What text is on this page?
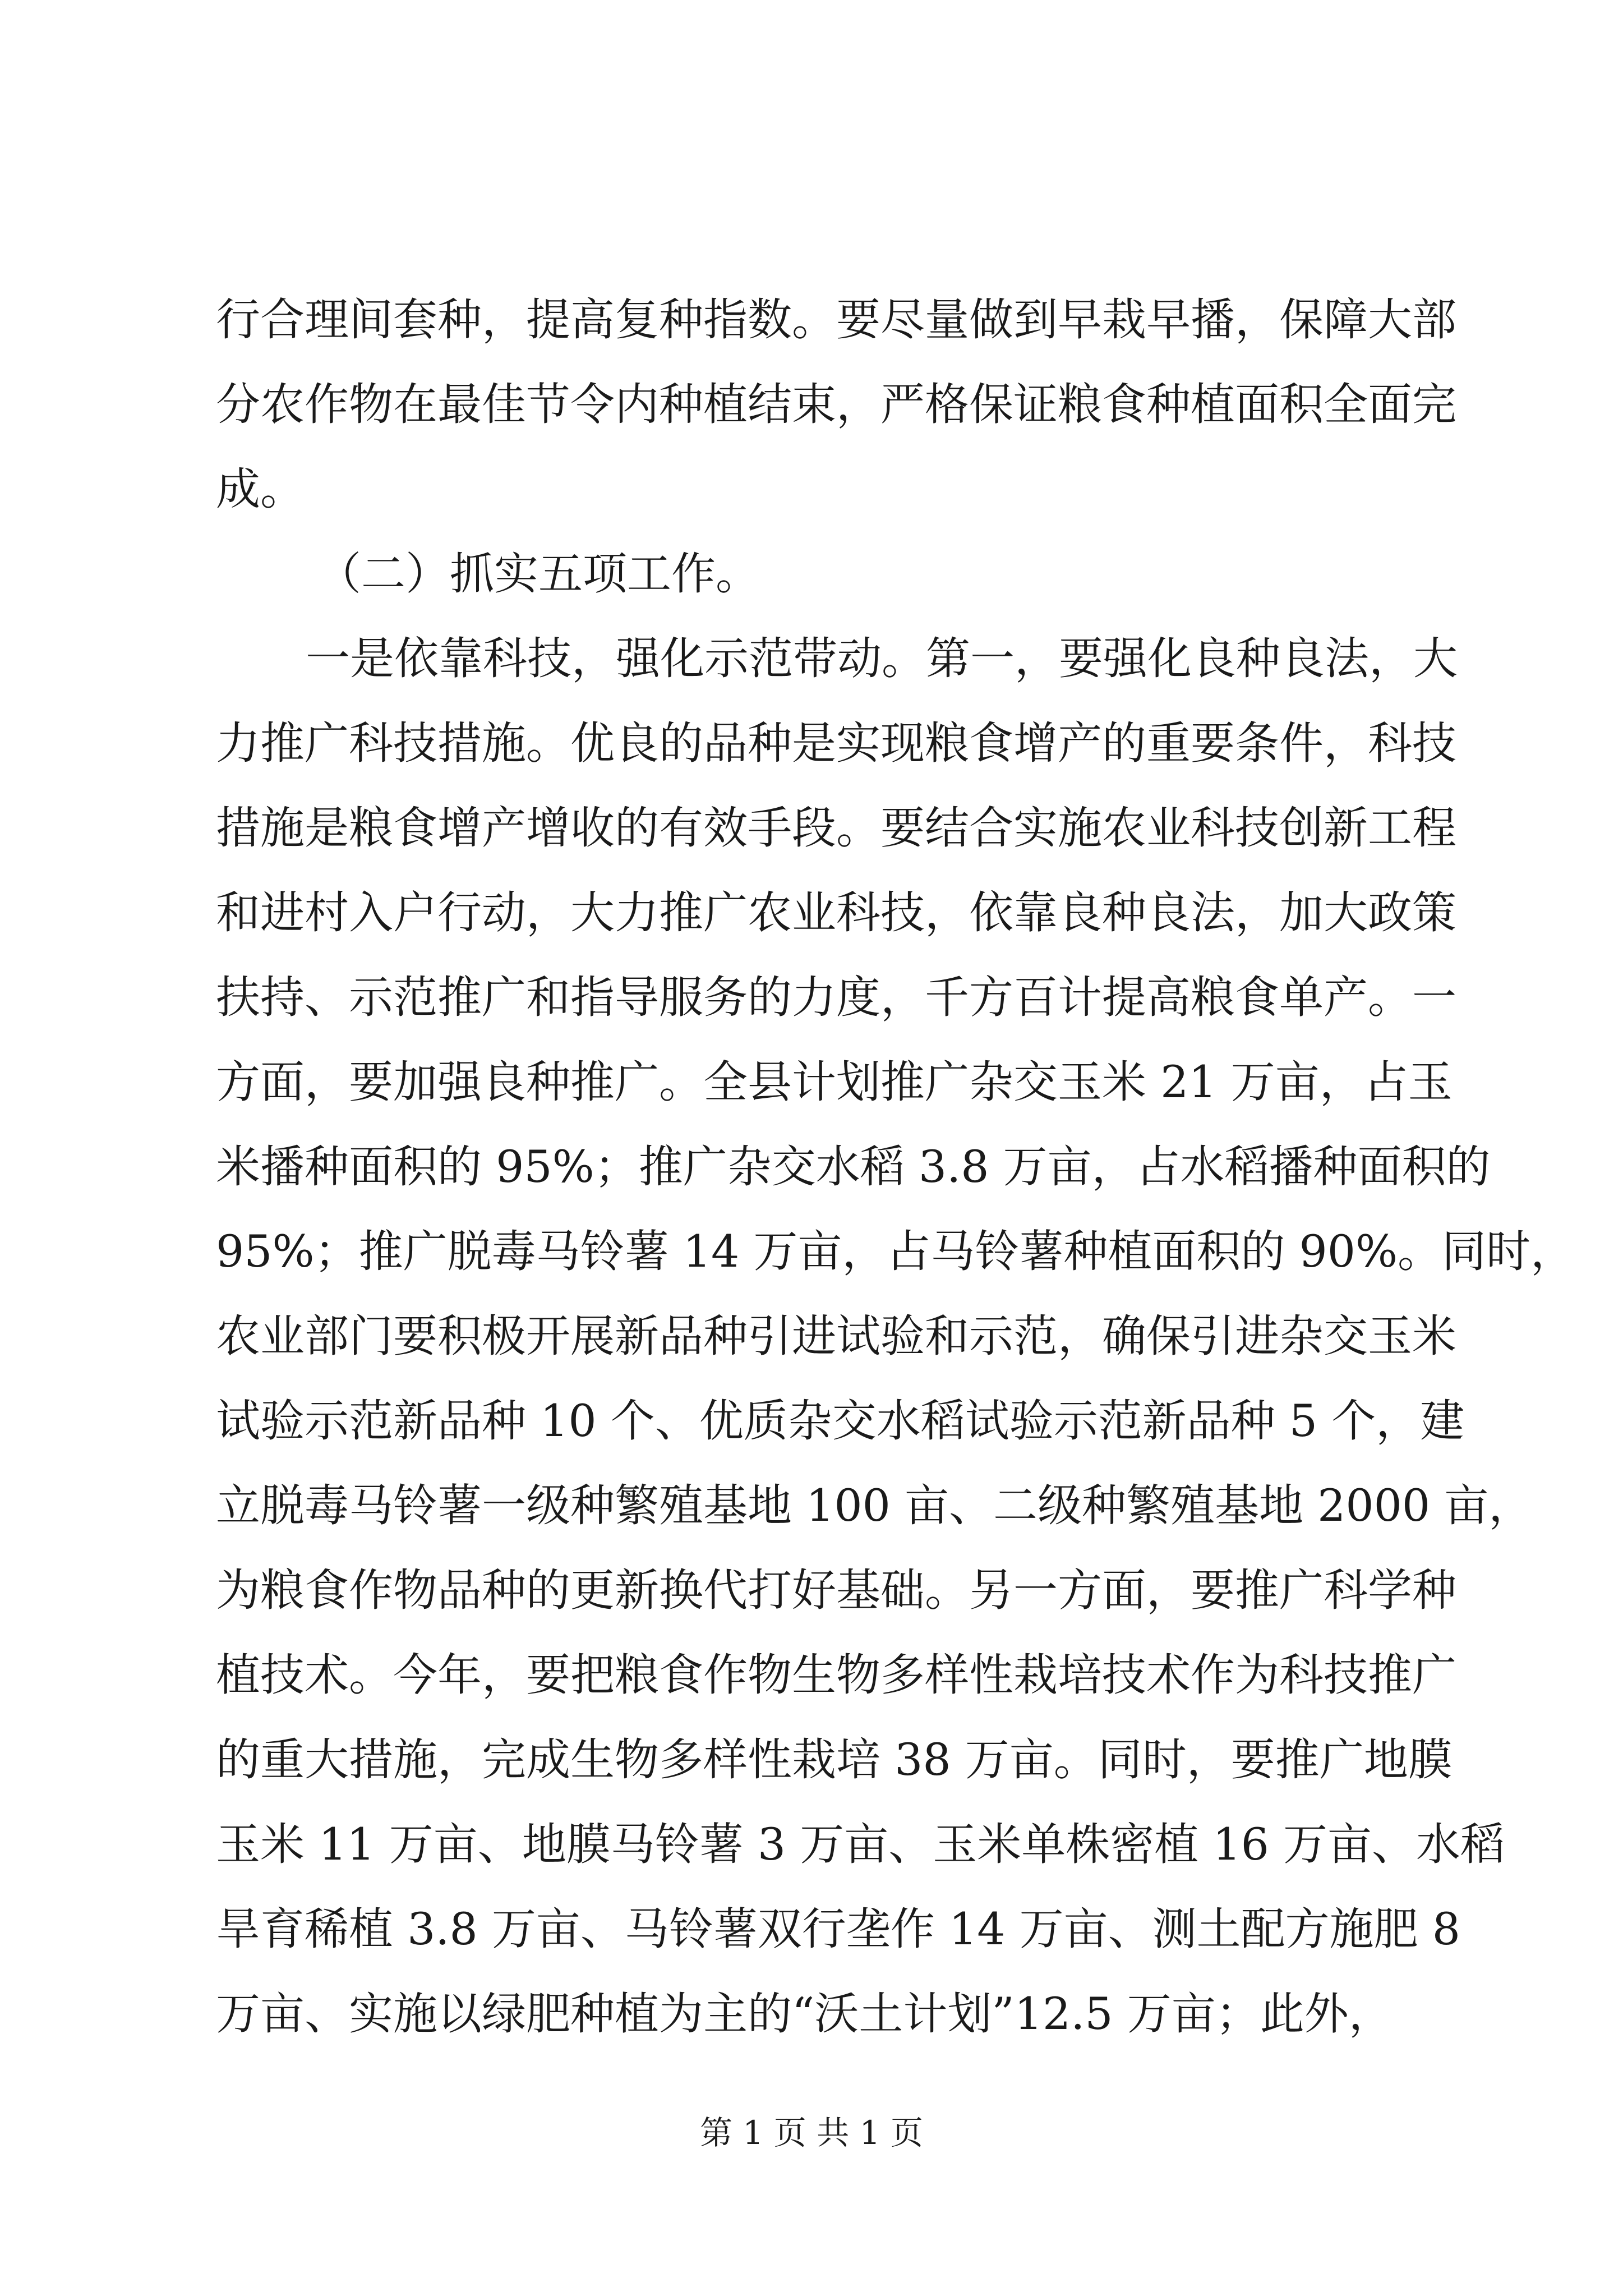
行合理间套种，提高复种指数。要尽量做到早栽早播，保障大部
分农作物在最佳节令内种植结束，严格保证粮食种植面积全面完
成。
（二）抓实五项工作。
一是依靠科技，强化示范带动。第一，要强化良种良法，大
力推广科技措施。优良的品种是实现粮食增产的重要条件，科技
措施是粮食增产增收的有效手段。要结合实施农业科技创新工程
和进村入户行动，大力推广农业科技，依靠良种良法，加大政策
扶持、示范推广和指导服务的力度，千方百计提高粮食单产。一
方面，要加强良种推广。全县计划推广杂交玉米 21 万亩，占玉
米播种面积的 95%；推广杂交水稻 3.8 万亩，占水稻播种面积的
95%；推广脱毒马铃薯 14 万亩，占马铃薯种植面积的 90%。同时，
农业部门要积极开展新品种引进试验和示范，确保引进杂交玉米
试验示范新品种 10 个、优质杂交水稻试验示范新品种 5 个，建
立脱毒马铃薯一级种繁殖基地 100 亩、二级种繁殖基地 2000 亩，
为粮食作物品种的更新换代打好基础。另一方面，要推广科学种
植技术。今年，要把粮食作物生物多样性栽培技术作为科技推广
的重大措施，完成生物多样性栽培 38 万亩。同时，要推广地膜
玉米 11 万亩、地膜马铃薯 3 万亩、玉米单株密植 16 万亩、水稻
旱育稀植 3.8 万亩、马铃薯双行垄作 14 万亩、测土配方施肥 8
万亩、实施以绿肥种植为主的“沃土计划”12.5 万亩；此外，
第 1 页 共 1 页
